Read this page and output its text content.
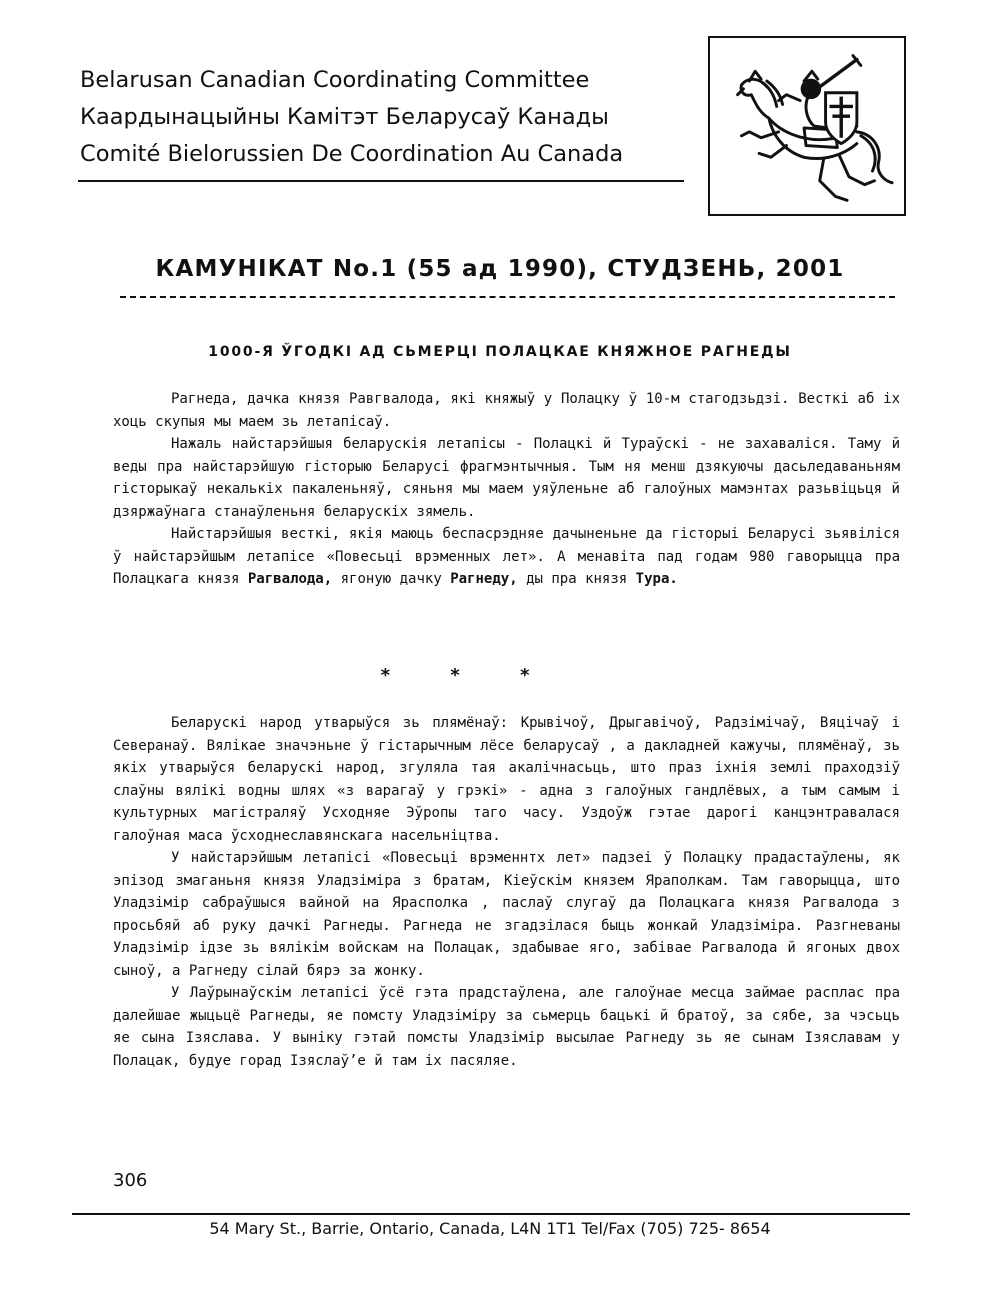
Belarusan Canadian Coordinating Committee
Каардынацыйны Камітэт Беларусаў Канады
Comité Bielorussien De Coordination Au Canada
КАМУНІКАТ No.1 (55 ад 1990), СТУДЗЕНЬ, 2001
1000-Я ЎГОДКІ АД СЬМЕРЦІ ПОЛАЦКАЕ КНЯЖНОЕ РАГНЕДЫ

Рагнеда, дачка князя Равгвалода, які княжыў у Полацку ў 10-м стагодзьдзі. Весткі аб іх хоць скупыя мы маем зь летапісаў.

Нажаль найстарэйшыя беларускія летапісы - Полацкі й Тураўскі - не захаваліся. Таму й веды пра найстарэйшую гісторыю Беларусі фрагмэнтычныя. Тым ня менш дзякуючы дасьледаваньням гісторыкаў некалькіх пакаленьняў, сяньня мы маем уяўленьне аб галоўных мамэнтах разьвіцьця й дзяржаўнага станаўленьня беларускіх зямель.

Найстарэйшыя весткі, якія маюць беспасрэдняе дачыненьне да гісторыі Беларусі зьявіліся ў найстарэйшым летапісе «Повесьці врэменных лет». А менавіта пад годам 980 гаворыцца пра Полацкага князя Рагвалода, ягоную дачку Рагнеду, ды пра князя Тура.

* * *

Беларускі народ утварыўся зь плямёнаў: Крывічоў, Дрыгавічоў, Радзімічаў, Вяцічаў і Северанаў. Вялікае значэньне ў гістарычным лёсе беларусаў , а дакладней кажучы, плямёнаў, зь якіх утварыўся беларускі народ, згуляла тая акалічнасьць, што праз іхнія землі праходзіў слаўны вялікі водны шлях «з варагаў у грэкі» - адна з галоўных гандлёвых, а тым самым і культурных магістраляў Усходняе Эўропы таго часу. Уздоўж гэтае дарогі канцэнтравалася галоўная маса ўсходнеславянскага насельніцтва.

У найстарэйшым летапісі «Повесьці врэменнтх лет» падзеі ў Полацку прадастаўлены, як эпізод змаганьня князя Уладзіміра з братам, Кіеўскім князем Яраполкам. Там гаворыцца, што Уладзімір сабраўшыся вайной на Ярасполка , паслаў слугаў да Полацкага князя Рагвалода з просьбяй аб руку дачкі Рагнеды. Рагнеда не згадзілася быць жонкай Уладзіміра. Разгневаны Уладзімір ідзе зь вялікім войскам на Полацак, здабывае яго, забівае Рагвалода й ягоных двох сыноў, а Рагнеду сілай бярэ за жонку.

У Лаўрынаўскім летапісі ўсё гэта прадстаўлена, але галоўнае месца займае расплас пра далейшае жыцьцё Рагнеды, яе помсту Уладзіміру за сьмерць бацькі й братоў, за сябе, за чэсьць яе сына Ізяслава. У выніку гэтай помсты Уладзімір высылае Рагнеду зь яе сынам Ізяславам у Полацак, будуе горад Ізяслаў’е й там іх пасяляе.

306
54 Mary St., Barrie, Ontario, Canada, L4N 1T1 Tel/Fax (705) 725- 8654
